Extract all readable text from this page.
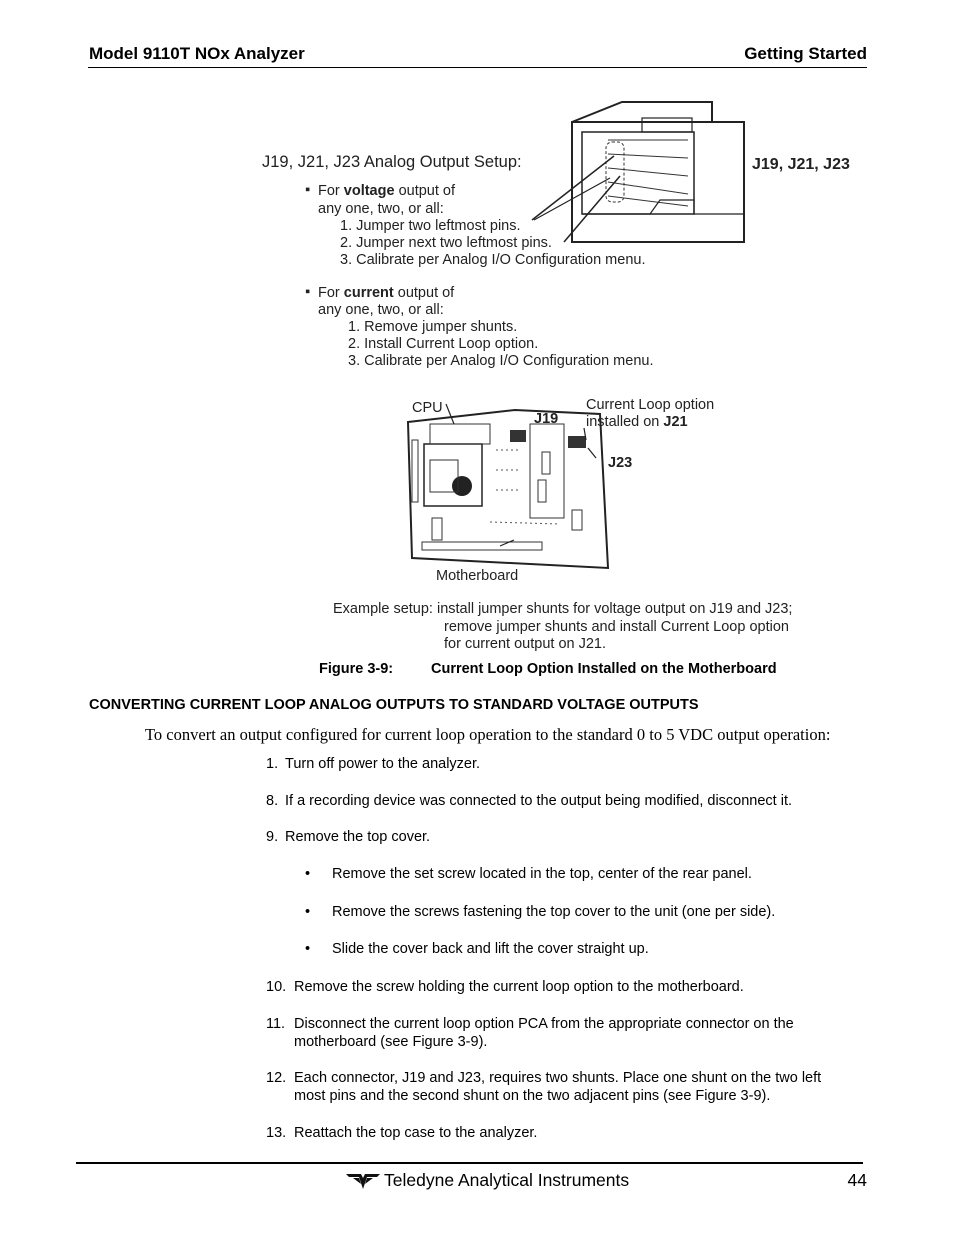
Model 9110T NOx Analyzer	Getting Started
J19, J21, J23 Analog Output Setup:	J19, J21, J23
▪ For voltage output of
any one, two, or all:
1. Jumper two leftmost pins.
2. Jumper next two leftmost pins.
3. Calibrate per Analog I/O Configuration menu.
▪ For current output of
any one, two, or all:
1. Remove jumper shunts.
2. Install Current Loop option.
3. Calibrate per Analog I/O Configuration menu.
CPU
J19
Current Loop option
installed on J21
J23
Motherboard
Example setup: install jumper shunts for voltage output on J19 and J23;
remove jumper shunts and install Current Loop option
for current output on J21.
Figure 3-9:	Current Loop Option Installed on the Motherboard
CONVERTING CURRENT LOOP ANALOG OUTPUTS TO STANDARD VOLTAGE OUTPUTS
To convert an output configured for current loop operation to the standard 0 to 5 VDC output operation:
1. Turn off power to the analyzer.
8. If a recording device was connected to the output being modified, disconnect it.
9. Remove the top cover.
• Remove the set screw located in the top, center of the rear panel.
• Remove the screws fastening the top cover to the unit (one per side).
• Slide the cover back and lift the cover straight up.
10. Remove the screw holding the current loop option to the motherboard.
11. Disconnect the current loop option PCA from the appropriate connector on the
motherboard (see Figure 3-9).
12. Each connector, J19 and J23, requires two shunts. Place one shunt on the two left
most pins and the second shunt on the two adjacent pins (see Figure 3-9).
13. Reattach the top case to the analyzer.
Teledyne Analytical Instruments	44
